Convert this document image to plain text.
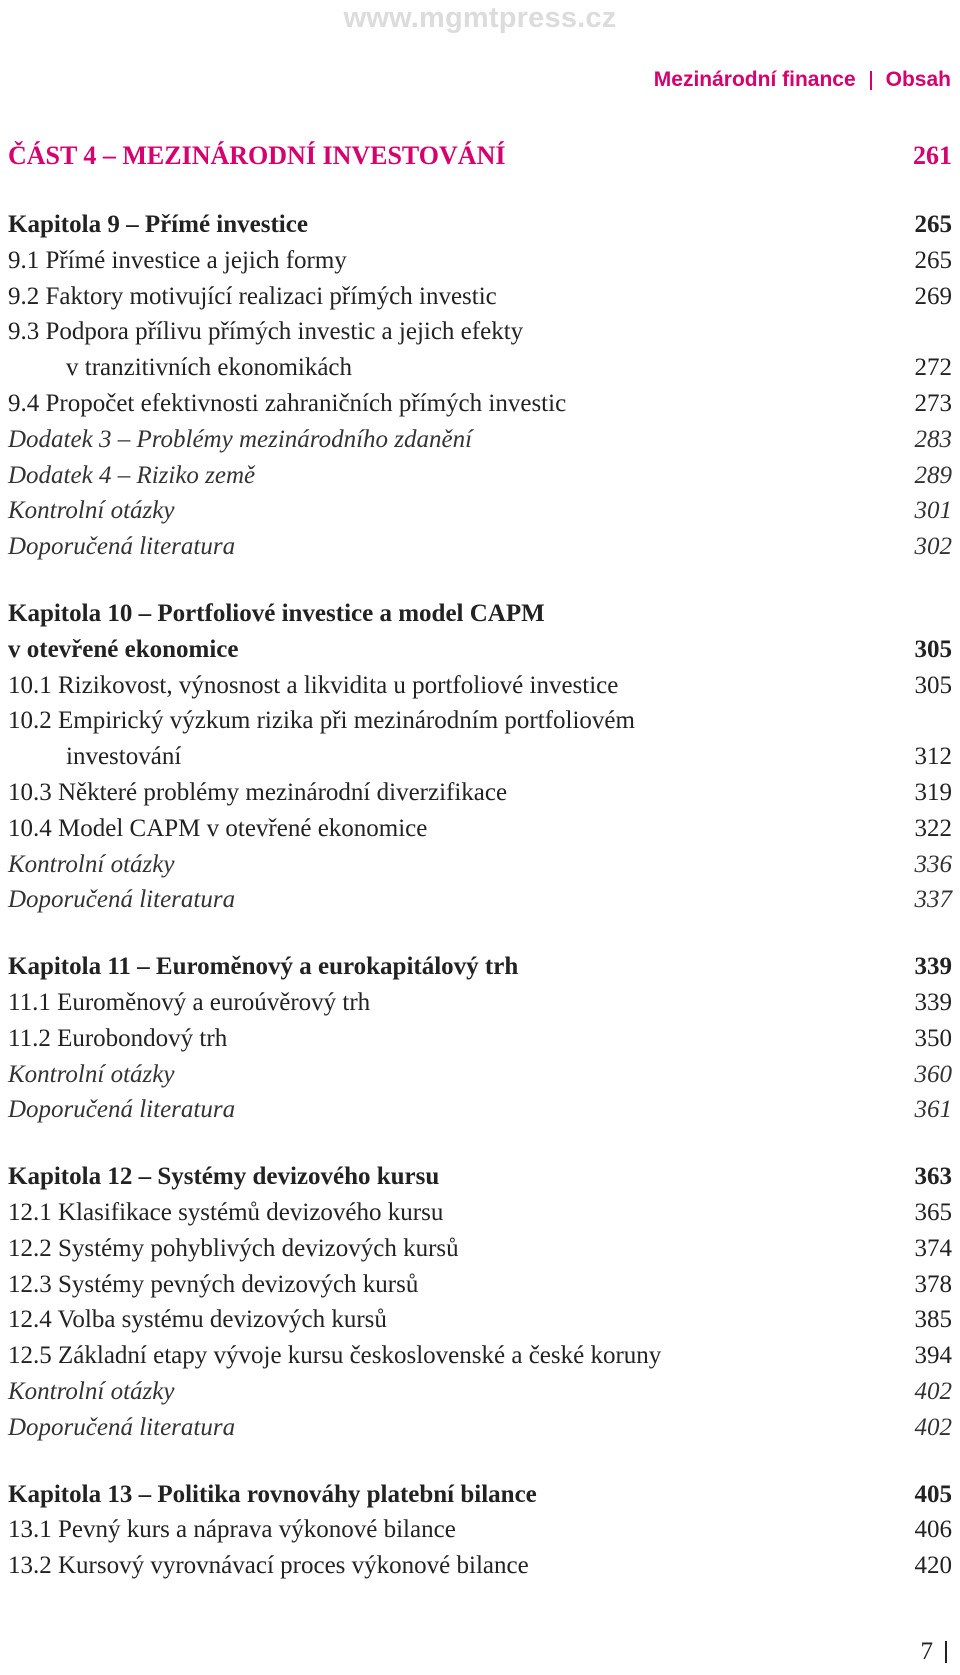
www.mgmtpress.cz
Mezinárodní finance Obsah
ČÁST 4 – MEZINÁRODNÍ INVESTOVÁNÍ	261
Kapitola 9 – Přímé investice	265
9.1 Přímé investice a jejich formy	265
9.2 Faktory motivující realizaci přímých investic	269
9.3 Podpora přílivu přímých investic a jejich efekty
v tranzitivních ekonomikách	272
9.4 Propočet efektivnosti zahraničních přímých investic	273
Dodatek 3 – Problémy mezinárodního zdanění	283
Dodatek 4 – Riziko země	289
Kontrolní otázky	301
Doporučená literatura	302
Kapitola 10 – Portfoliové investice a model CAPM
v otevřené ekonomice	305
10.1 Rizikovost, výnosnost a likvidita u portfoliové investice	305
10.2 Empirický výzkum rizika při mezinárodním portfoliovém
investování	312
10.3 Některé problémy mezinárodní diverzifikace	319
10.4 Model CAPM v otevřené ekonomice	322
Kontrolní otázky	336
Doporučená literatura	337
Kapitola 11 – Euroměnový a eurokapitálový trh	339
11.1 Euroměnový a euroúvěrový trh	339
11.2 Eurobondový trh	350
Kontrolní otázky	360
Doporučená literatura	361
Kapitola 12 – Systémy devizového kursu	363
12.1 Klasifikace systémů devizového kursu	365
12.2 Systémy pohyblivých devizových kursů	374
12.3 Systémy pevných devizových kursů	378
12.4 Volba systému devizových kursů	385
12.5 Základní etapy vývoje kursu československé a české koruny	394
Kontrolní otázky	402
Doporučená literatura	402
Kapitola 13 – Politika rovnováhy platební bilance	405
13.1 Pevný kurs a náprava výkonové bilance	406
13.2 Kursový vyrovnávací proces výkonové bilance	420
7
